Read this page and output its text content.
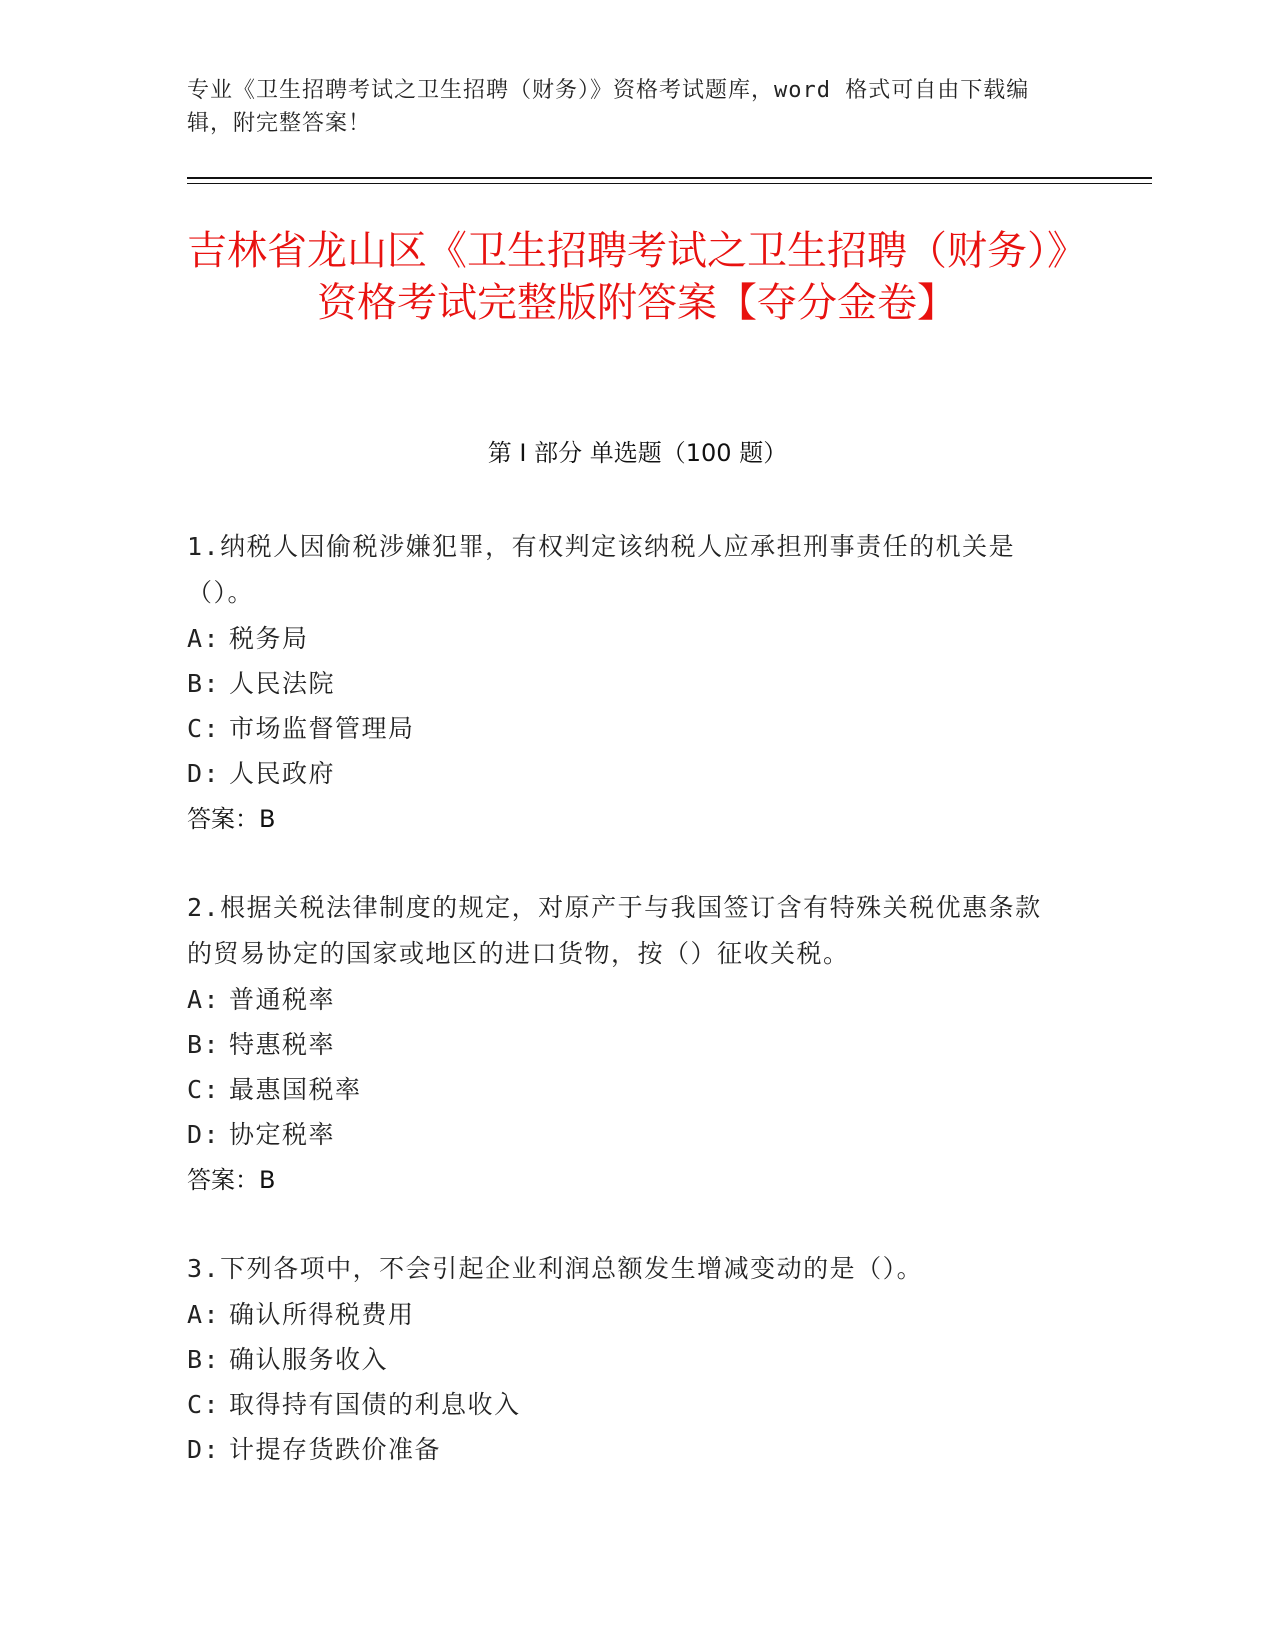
专业《卫生招聘考试之卫生招聘（财务）》资格考试题库，word 格式可自由下载编辑，附完整答案！
吉林省龙山区《卫生招聘考试之卫生招聘（财务）》资格考试完整版附答案【夺分金卷】
第 I 部分 单选题（100 题）
1.纳税人因偷税涉嫌犯罪，有权判定该纳税人应承担刑事责任的机关是（）。
A: 税务局
B: 人民法院
C: 市场监督管理局
D: 人民政府
答案： B
2.根据关税法律制度的规定，对原产于与我国签订含有特殊关税优惠条款的贸易协定的国家或地区的进口货物，按（）征收关税。
A: 普通税率
B: 特惠税率
C: 最惠国税率
D: 协定税率
答案： B
3.下列各项中，不会引起企业利润总额发生增减变动的是（）。
A: 确认所得税费用
B: 确认服务收入
C: 取得持有国债的利息收入
D: 计提存货跌价准备
